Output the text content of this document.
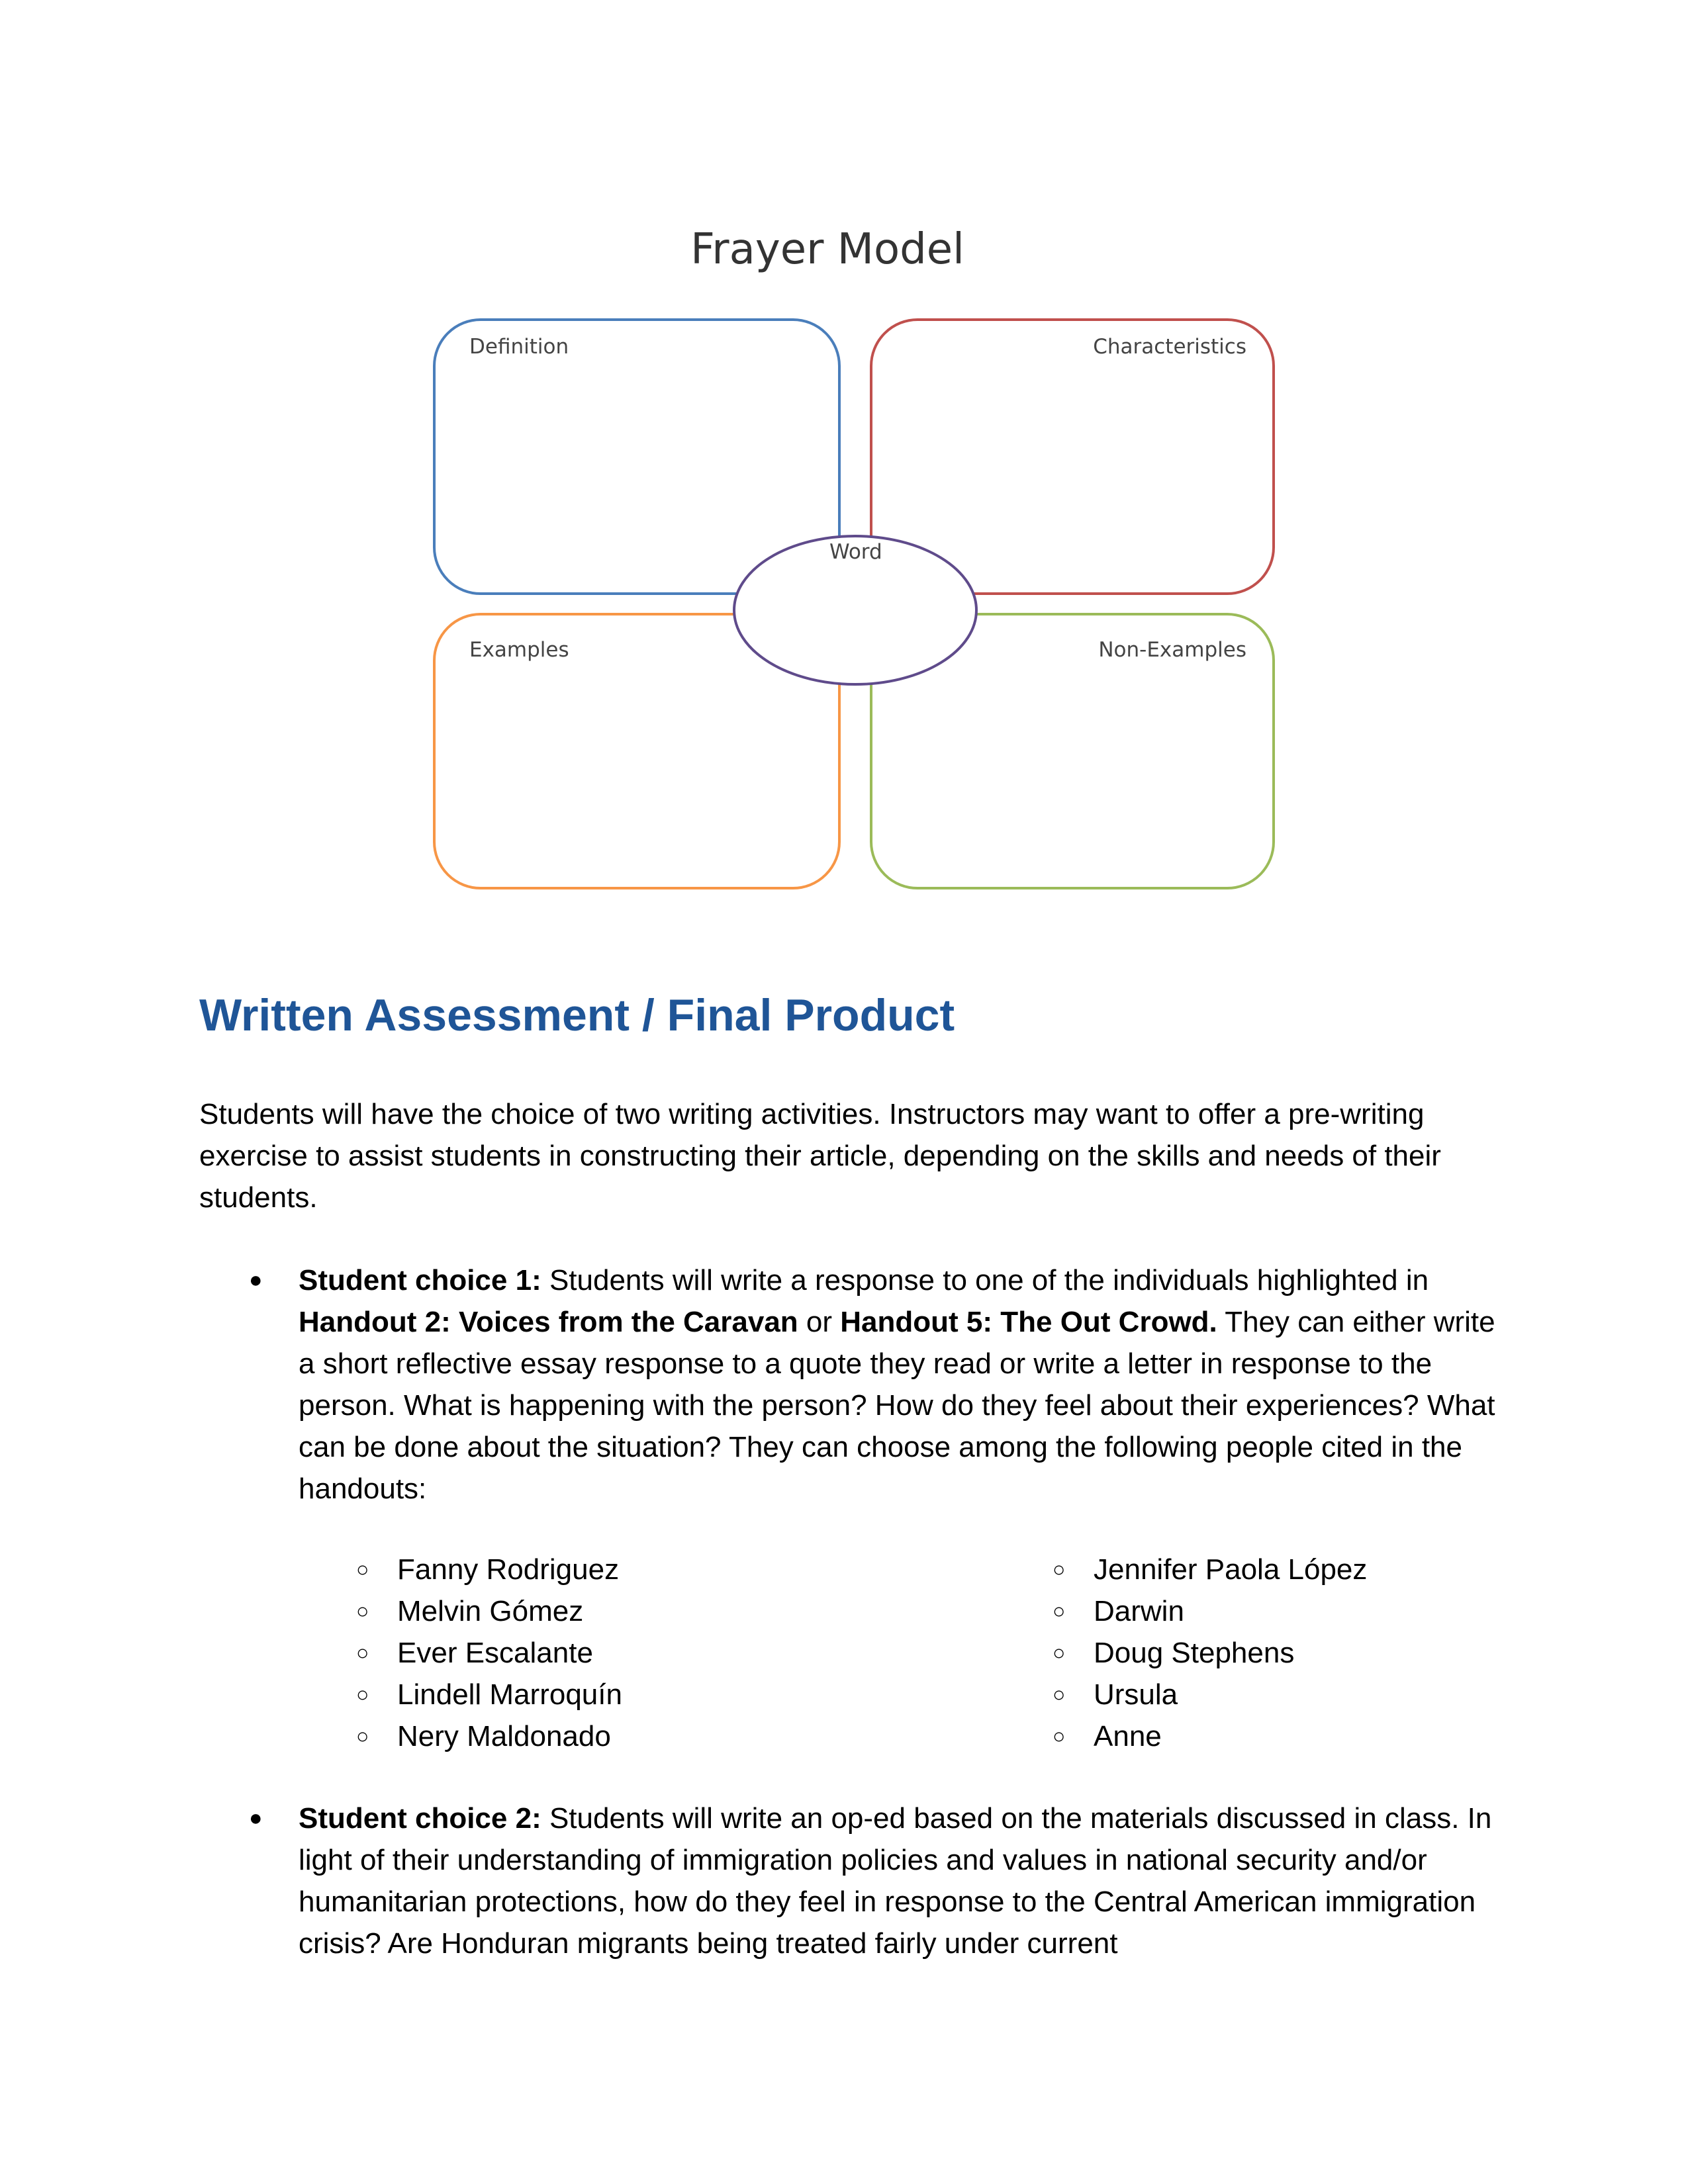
Frayer Model
Definition	Characteristics
Examples	Non-Examples
Word
Written Assessment / Final Product
Students will have the choice of two writing activities. Instructors may want to offer a pre-writing exercise to assist students in constructing their article, depending on the skills and needs of their students.
● Student choice 1: Students will write a response to one of the individuals highlighted in Handout 2: Voices from the Caravan or Handout 5: The Out Crowd. They can either write a short reflective essay response to a quote they read or write a letter in response to the person. What is happening with the person? How do they feel about their experiences? What can be done about the situation? They can choose among the following people cited in the handouts:
○ Fanny Rodriguez
○ Melvin Gómez
○ Ever Escalante
○ Lindell Marroquín
○ Nery Maldonado
○ Jennifer Paola López
○ Darwin
○ Doug Stephens
○ Ursula
○ Anne
● Student choice 2: Students will write an op-ed based on the materials discussed in class. In light of their understanding of immigration policies and values in national security and/or humanitarian protections, how do they feel in response to the Central American immigration crisis? Are Honduran migrants being treated fairly under current
